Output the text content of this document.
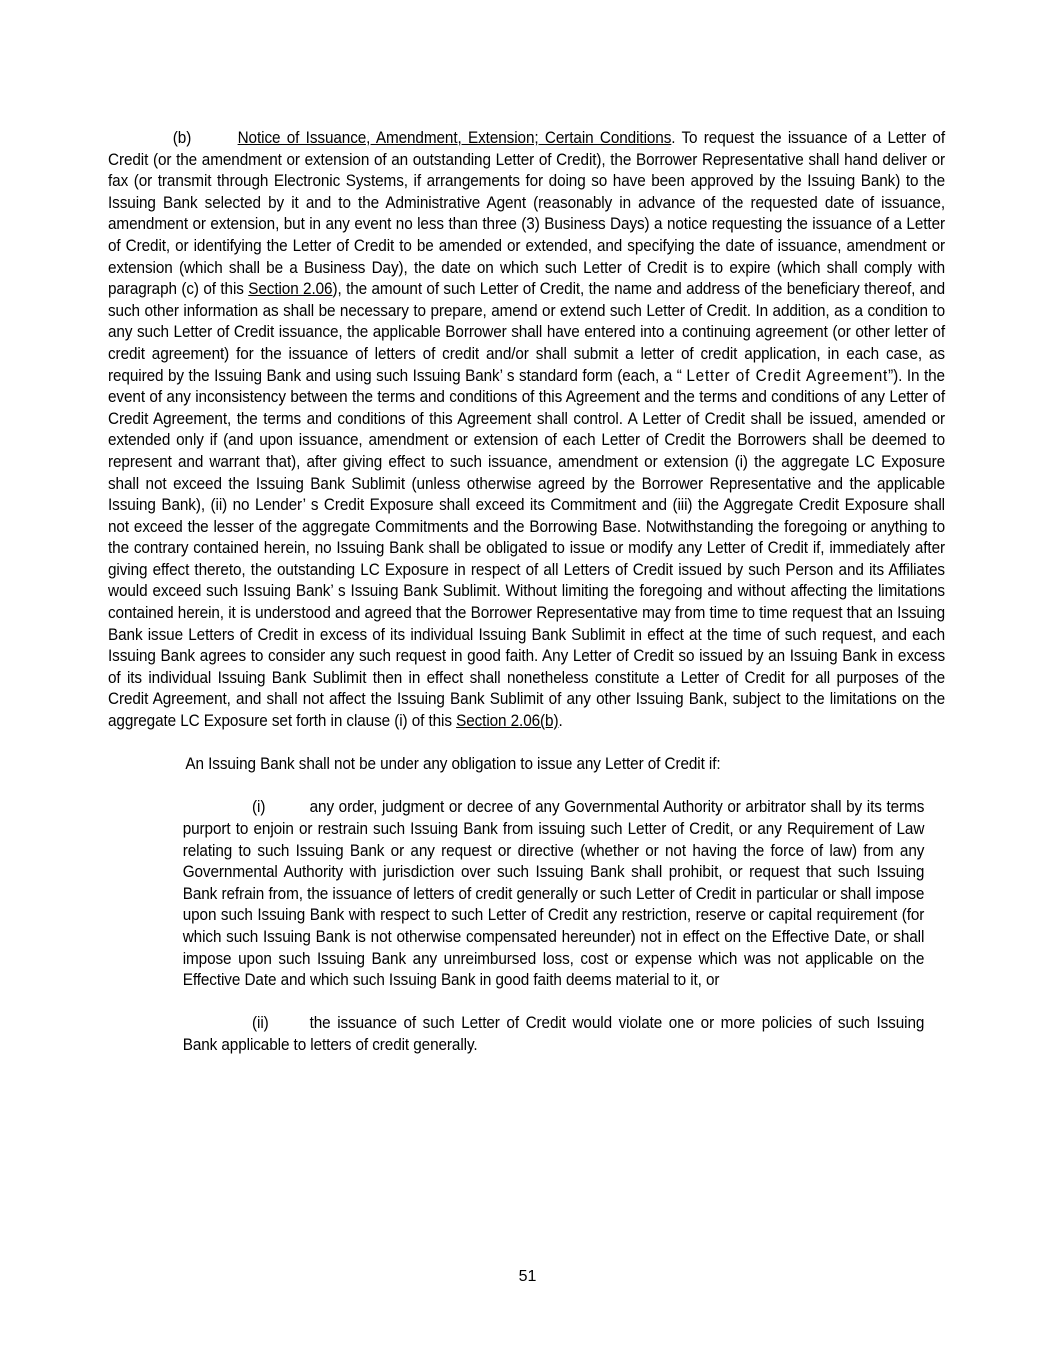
(b)	Notice of Issuance, Amendment, Extension; Certain Conditions. To request the issuance of a Letter of Credit (or the amendment or extension of an outstanding Letter of Credit), the Borrower Representative shall hand deliver or fax (or transmit through Electronic Systems, if arrangements for doing so have been approved by the Issuing Bank) to the Issuing Bank selected by it and to the Administrative Agent (reasonably in advance of the requested date of issuance, amendment or extension, but in any event no less than three (3) Business Days) a notice requesting the issuance of a Letter of Credit, or identifying the Letter of Credit to be amended or extended, and specifying the date of issuance, amendment or extension (which shall be a Business Day), the date on which such Letter of Credit is to expire (which shall comply with paragraph (c) of this Section 2.06), the amount of such Letter of Credit, the name and address of the beneficiary thereof, and such other information as shall be necessary to prepare, amend or extend such Letter of Credit. In addition, as a condition to any such Letter of Credit issuance, the applicable Borrower shall have entered into a continuing agreement (or other letter of credit agreement) for the issuance of letters of credit and/or shall submit a letter of credit application, in each case, as required by the Issuing Bank and using such Issuing Bank’ s standard form (each, a “ Letter of Credit Agreement”). In the event of any inconsistency between the terms and conditions of this Agreement and the terms and conditions of any Letter of Credit Agreement, the terms and conditions of this Agreement shall control. A Letter of Credit shall be issued, amended or extended only if (and upon issuance, amendment or extension of each Letter of Credit the Borrowers shall be deemed to represent and warrant that), after giving effect to such issuance, amendment or extension (i) the aggregate LC Exposure shall not exceed the Issuing Bank Sublimit (unless otherwise agreed by the Borrower Representative and the applicable Issuing Bank), (ii) no Lender’ s Credit Exposure shall exceed its Commitment and (iii) the Aggregate Credit Exposure shall not exceed the lesser of the aggregate Commitments and the Borrowing Base. Notwithstanding the foregoing or anything to the contrary contained herein, no Issuing Bank shall be obligated to issue or modify any Letter of Credit if, immediately after giving effect thereto, the outstanding LC Exposure in respect of all Letters of Credit issued by such Person and its Affiliates would exceed such Issuing Bank’ s Issuing Bank Sublimit. Without limiting the foregoing and without affecting the limitations contained herein, it is understood and agreed that the Borrower Representative may from time to time request that an Issuing Bank issue Letters of Credit in excess of its individual Issuing Bank Sublimit in effect at the time of such request, and each Issuing Bank agrees to consider any such request in good faith. Any Letter of Credit so issued by an Issuing Bank in excess of its individual Issuing Bank Sublimit then in effect shall nonetheless constitute a Letter of Credit for all purposes of the Credit Agreement, and shall not affect the Issuing Bank Sublimit of any other Issuing Bank, subject to the limitations on the aggregate LC Exposure set forth in clause (i) of this Section 2.06(b).

An Issuing Bank shall not be under any obligation to issue any Letter of Credit if:

(i)	any order, judgment or decree of any Governmental Authority or arbitrator shall by its terms purport to enjoin or restrain such Issuing Bank from issuing such Letter of Credit, or any Requirement of Law relating to such Issuing Bank or any request or directive (whether or not having the force of law) from any Governmental Authority with jurisdiction over such Issuing Bank shall prohibit, or request that such Issuing Bank refrain from, the issuance of letters of credit generally or such Letter of Credit in particular or shall impose upon such Issuing Bank with respect to such Letter of Credit any restriction, reserve or capital requirement (for which such Issuing Bank is not otherwise compensated hereunder) not in effect on the Effective Date, or shall impose upon such Issuing Bank any unreimbursed loss, cost or expense which was not applicable on the Effective Date and which such Issuing Bank in good faith deems material to it, or

(ii) the issuance of such Letter of Credit would violate one or more policies of such Issuing Bank applicable to letters of credit generally.

51
